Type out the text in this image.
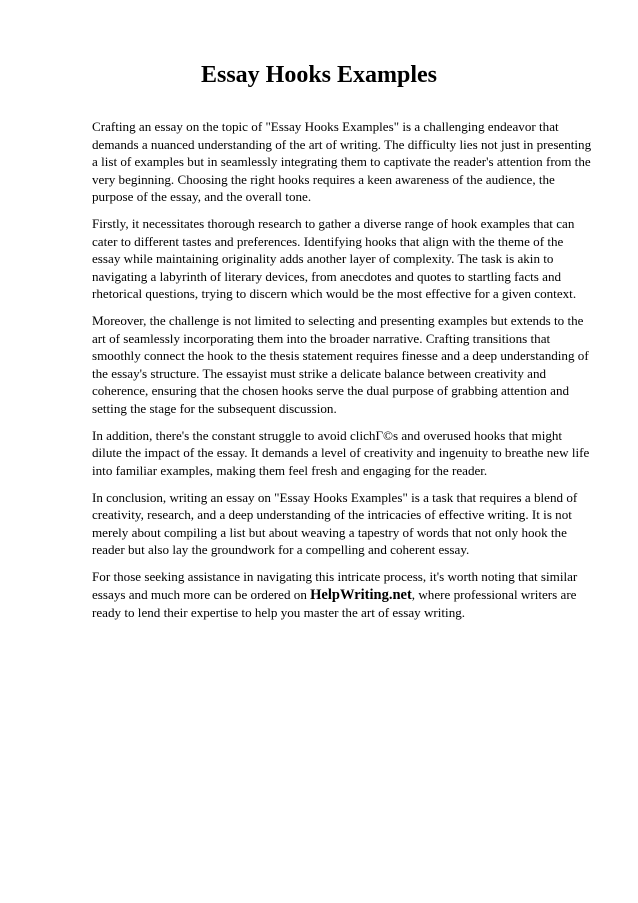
Essay Hooks Examples

Crafting an essay on the topic of "Essay Hooks Examples" is a challenging endeavor that demands a nuanced understanding of the art of writing. The difficulty lies not just in presenting a list of examples but in seamlessly integrating them to captivate the reader's attention from the very beginning. Choosing the right hooks requires a keen awareness of the audience, the purpose of the essay, and the overall tone.

Firstly, it necessitates thorough research to gather a diverse range of hook examples that can cater to different tastes and preferences. Identifying hooks that align with the theme of the essay while maintaining originality adds another layer of complexity. The task is akin to navigating a labyrinth of literary devices, from anecdotes and quotes to startling facts and rhetorical questions, trying to discern which would be the most effective for a given context.

Moreover, the challenge is not limited to selecting and presenting examples but extends to the art of seamlessly incorporating them into the broader narrative. Crafting transitions that smoothly connect the hook to the thesis statement requires finesse and a deep understanding of the essay's structure. The essayist must strike a delicate balance between creativity and coherence, ensuring that the chosen hooks serve the dual purpose of grabbing attention and setting the stage for the subsequent discussion.

In addition, there's the constant struggle to avoid clichГ©s and overused hooks that might dilute the impact of the essay. It demands a level of creativity and ingenuity to breathe new life into familiar examples, making them feel fresh and engaging for the reader.

In conclusion, writing an essay on "Essay Hooks Examples" is a task that requires a blend of creativity, research, and a deep understanding of the intricacies of effective writing. It is not merely about compiling a list but about weaving a tapestry of words that not only hook the reader but also lay the groundwork for a compelling and coherent essay.

For those seeking assistance in navigating this intricate process, it's worth noting that similar essays and much more can be ordered on HelpWriting.net, where professional writers are ready to lend their expertise to help you master the art of essay writing.
